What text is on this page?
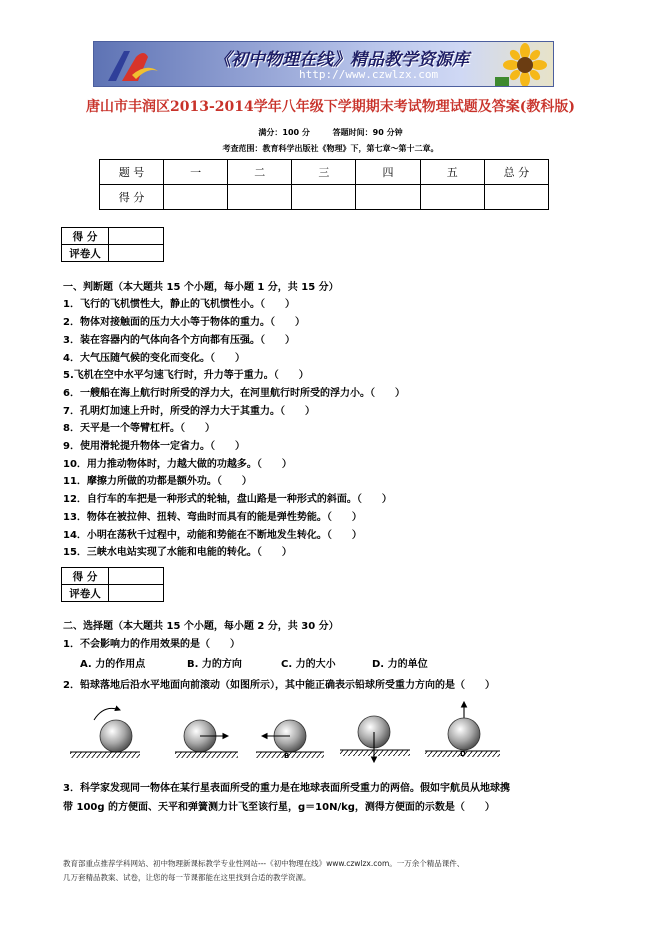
《初中物理在线》精品教学资源库
http://www.czwlzx.com
唐山市丰润区2013-2014学年八年级下学期期末考试物理试题及答案(教科版)
满分：100 分	答题时间：90 分钟
考查范围：教育科学出版社《物理》下，第七章～第十二章。
题 号	一	二	三	四	五	总 分
得 分						
得 分	
评卷人	
一、判断题（本大题共 15 个小题，每小题 1 分，共 15 分）
1．飞行的飞机惯性大，静止的飞机惯性小。（　　）
2．物体对接触面的压力大小等于物体的重力。（　　）
3．装在容器内的气体向各个方向都有压强。（　　）
4．大气压随气候的变化而变化。（　　）
5.飞机在空中水平匀速飞行时，升力等于重力。（　　）
6．一艘船在海上航行时所受的浮力大，在河里航行时所受的浮力小。（　　）
7．孔明灯加速上升时，所受的浮力大于其重力。（　　）
8．天平是一个等臂杠杆。（　　）
9．使用滑轮提升物体一定省力。（　　）
10．用力推动物体时，力越大做的功越多。（　　）
11．摩擦力所做的功都是额外功。（　　）
12．自行车的车把是一种形式的轮轴，盘山路是一种形式的斜面。（　　）
13．物体在被拉伸、扭转、弯曲时而具有的能是弹性势能。（　　）
14．小明在荡秋千过程中，动能和势能在不断地发生转化。（　　）
15．三峡水电站实现了水能和电能的转化。（　　）
得 分	
评卷人	
二、选择题（本大题共 15 个小题，每小题 2 分，共 30 分）
1．不会影响力的作用效果的是（　　）
A. 力的作用点	B. 力的方向	C. 力的大小	D. 力的单位
2．铅球落地后沿水平地面向前滚动（如图所示），其中能正确表示铅球所受重力方向的是（　　）
3．科学家发现同一物体在某行星表面所受的重力是在地球表面所受重力的两倍。假如宇航员从地球携
带 100g 的方便面、天平和弹簧测力计飞至该行星，g＝10N/kg，测得方便面的示数是（　　）
教育部重点推荐学科网站、初中物理新课标教学专业性网站---《初中物理在线》www.czwlzx.com。一万余个精品课件、
几万套精品教案、试卷，让您的每一节课都能在这里找到合适的教学资源。
